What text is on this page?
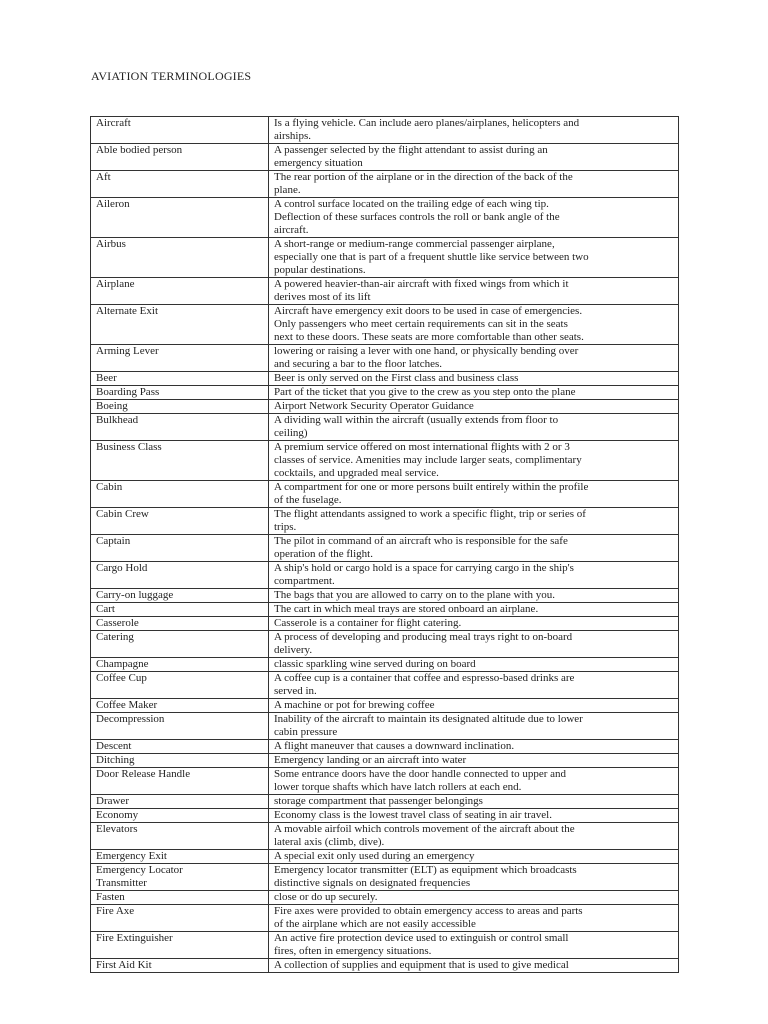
AVIATION TERMINOLOGIES
Aircraft	Is a flying vehicle. Can include aero planes/airplanes, helicopters and
airships.
Able bodied person	A passenger selected by the flight attendant to assist during an
emergency situation
Aft	The rear portion of the airplane or in the direction of the back of the
plane.
Aileron	A control surface located on the trailing edge of each wing tip.
Deflection of these surfaces controls the roll or bank angle of the
aircraft.
Airbus	A short-range or medium-range commercial passenger airplane,
especially one that is part of a frequent shuttle like service between two
popular destinations.
Airplane	A powered heavier-than-air aircraft with fixed wings from which it
derives most of its lift
Alternate Exit	Aircraft have emergency exit doors to be used in case of emergencies.
Only passengers who meet certain requirements can sit in the seats
next to these doors. These seats are more comfortable than other seats.
Arming Lever	lowering or raising a lever with one hand, or physically bending over
and securing a bar to the floor latches.
Beer	Beer is only served on the First class and business class
Boarding Pass	Part of the ticket that you give to the crew as you step onto the plane
Boeing	Airport Network Security Operator Guidance
Bulkhead	A dividing wall within the aircraft (usually extends from floor to
ceiling)
Business Class	A premium service offered on most international flights with 2 or 3
classes of service. Amenities may include larger seats, complimentary
cocktails, and upgraded meal service.
Cabin	A compartment for one or more persons built entirely within the profile
of the fuselage.
Cabin Crew	The flight attendants assigned to work a specific flight, trip or series of
trips.
Captain	The pilot in command of an aircraft who is responsible for the safe
operation of the flight.
Cargo Hold	A ship's hold or cargo hold is a space for carrying cargo in the ship's
compartment.
Carry-on luggage	The bags that you are allowed to carry on to the plane with you.
Cart	The cart in which meal trays are stored onboard an airplane.
Casserole	Casserole is a container for flight catering.
Catering	A process of developing and producing meal trays right to on-board
delivery.
Champagne	classic sparkling wine served during on board
Coffee Cup	A coffee cup is a container that coffee and espresso-based drinks are
served in.
Coffee Maker	A machine or pot for brewing coffee
Decompression	Inability of the aircraft to maintain its designated altitude due to lower
cabin pressure
Descent	A flight maneuver that causes a downward inclination.
Ditching	Emergency landing or an aircraft into water
Door Release Handle	Some entrance doors have the door handle connected to upper and
lower torque shafts which have latch rollers at each end.
Drawer	storage compartment that passenger belongings
Economy	Economy class is the lowest travel class of seating in air travel.
Elevators	A movable airfoil which controls movement of the aircraft about the
lateral axis (climb, dive).
Emergency Exit	A special exit only used during an emergency
Emergency Locator
Transmitter	Emergency locator transmitter (ELT) as equipment which broadcasts
distinctive signals on designated frequencies
Fasten	close or do up securely.
Fire Axe	Fire axes were provided to obtain emergency access to areas and parts
of the airplane which are not easily accessible
Fire Extinguisher	An active fire protection device used to extinguish or control small
fires, often in emergency situations.
First Aid Kit	A collection of supplies and equipment that is used to give medical
